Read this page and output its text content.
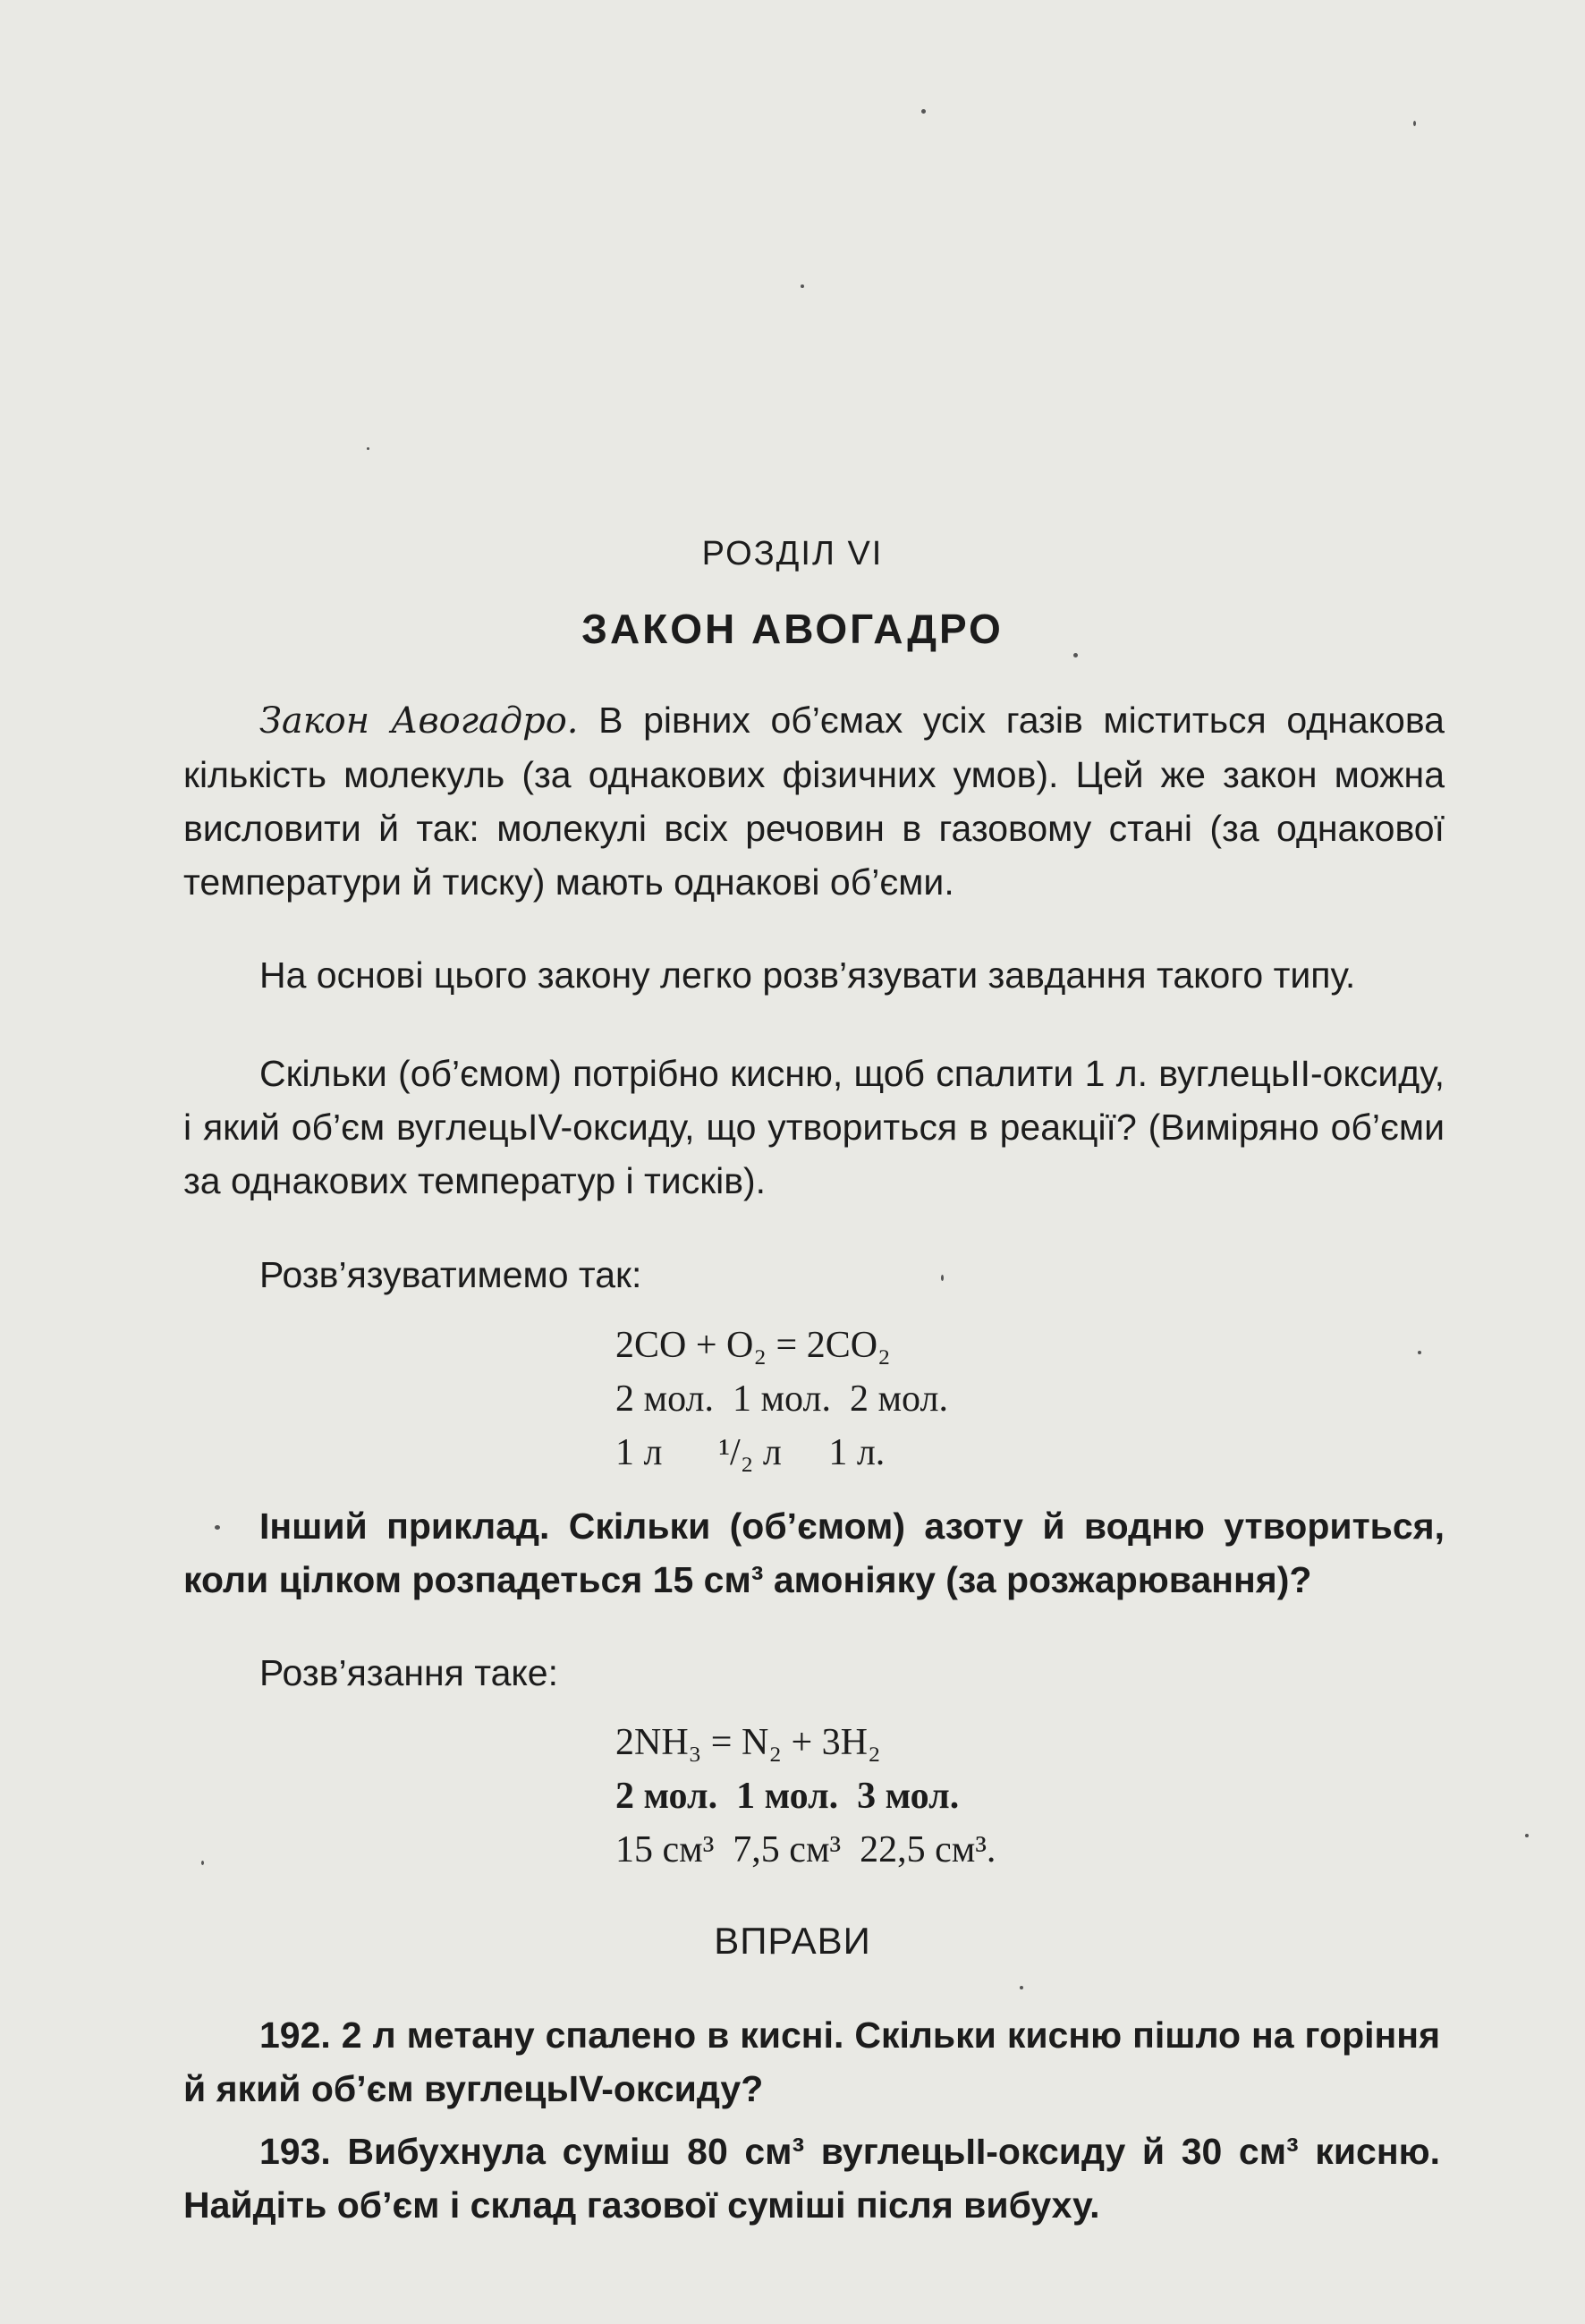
РОЗДІЛ VI
ЗАКОН АВОГАДРО

Закон Авогадро. В рівних об’ємах усіх газів міститься однакова кількість молекуль (за однакових фізичних умов). Цей же закон можна висловити й так: молекулі всіх речовин в газовому стані (за однакової температури й тиску) мають однакові об’єми.

На основі цього закону легко розв’язувати завдання такого типу.

Скільки (об’ємом) потрібно кисню, щоб спалити 1 л. вуглецьII-оксиду, і який об’єм вуглецьIV-оксиду, що утвориться в реакції? (Виміряно об’єми за однакових температур і тисків).

Розв’язуватимемо так:

2CO + O₂ = 2CO₂
2 мол.  1 мол.  2 мол.
1 л      ¹/₂ л     1 л.

Інший приклад. Скільки (об’ємом) азоту й водню утвориться, коли цілком розпадеться 15 см³ амоніяку (за розжарювання)?

Розв’язання таке:

2NH₃ = N₂ + 3H₂
2 мол.  1 мол.  3 мол.
15 см³  7,5 см³  22,5 см³.
ВПРАВИ

192. 2 л метану спалено в кисні. Скільки кисню пішло на горіння й який об’єм вуглецьIV-оксиду?

193. Вибухнула суміш 80 см³ вуглецьII-оксиду й 30 см³ кисню. Найдіть об’єм і склад газової суміші після вибуху.
